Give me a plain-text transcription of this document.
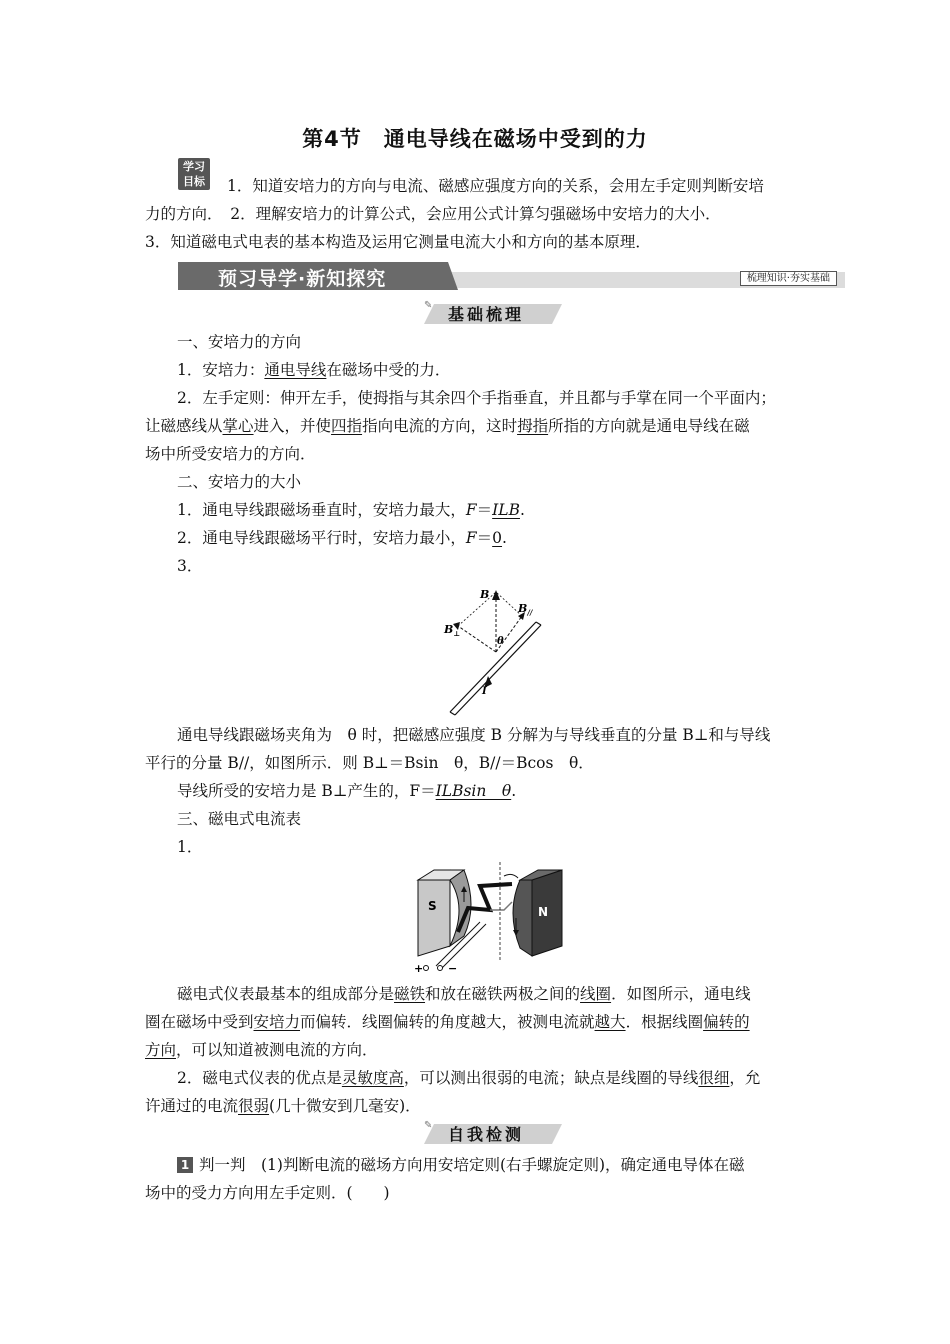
第4节　通电导线在磁场中受到的力
学习
目标	1．知道安培力的方向与电流、磁感应强度方向的关系，会用左手定则判断安培
力的方向．　2．理解安培力的计算公式，会应用公式计算匀强磁场中安培力的大小．
3．知道磁电式电表的基本构造及运用它测量电流大小和方向的基本原理．
预习导学·新知探究	梳理知识·夯实基础
✎ 基础梳理
一、安培力的方向
1．安培力：通电导线在磁场中受的力．
2．左手定则：伸开左手，使拇指与其余四个手指垂直，并且都与手掌在同一个平面内；
让磁感线从掌心进入，并使四指指向电流的方向，这时拇指所指的方向就是通电导线在磁
场中所受安培力的方向．
二、安培力的大小
1．通电导线跟磁场垂直时，安培力最大，F＝ILB.
2．通电导线跟磁场平行时，安培力最小，F＝0.
3．
B
$B_\perp$
$B_{//}$
θ
I
通电导线跟磁场夹角为　θ 时，把磁感应强度 B 分解为与导线垂直的分量 B⊥和与导线
平行的分量 B//，如图所示．则 B⊥＝Bsin　θ，B//＝Bcos　θ．
导线所受的安培力是 B⊥产生的，F＝ILBsin　θ.
三、磁电式电流表
1．
S	N
+ −
磁电式仪表最基本的组成部分是磁铁和放在磁铁两极之间的线圈．如图所示，通电线
圈在磁场中受到安培力而偏转．线圈偏转的角度越大，被测电流就越大．根据线圈偏转的
方向，可以知道被测电流的方向．
2．磁电式仪表的优点是灵敏度高，可以测出很弱的电流；缺点是线圈的导线很细，允
许通过的电流很弱(几十微安到几毫安)．
✎ 自我检测
1 判一判　(1)判断电流的磁场方向用安培定则(右手螺旋定则)，确定通电导体在磁
场中的受力方向用左手定则．(　　)
